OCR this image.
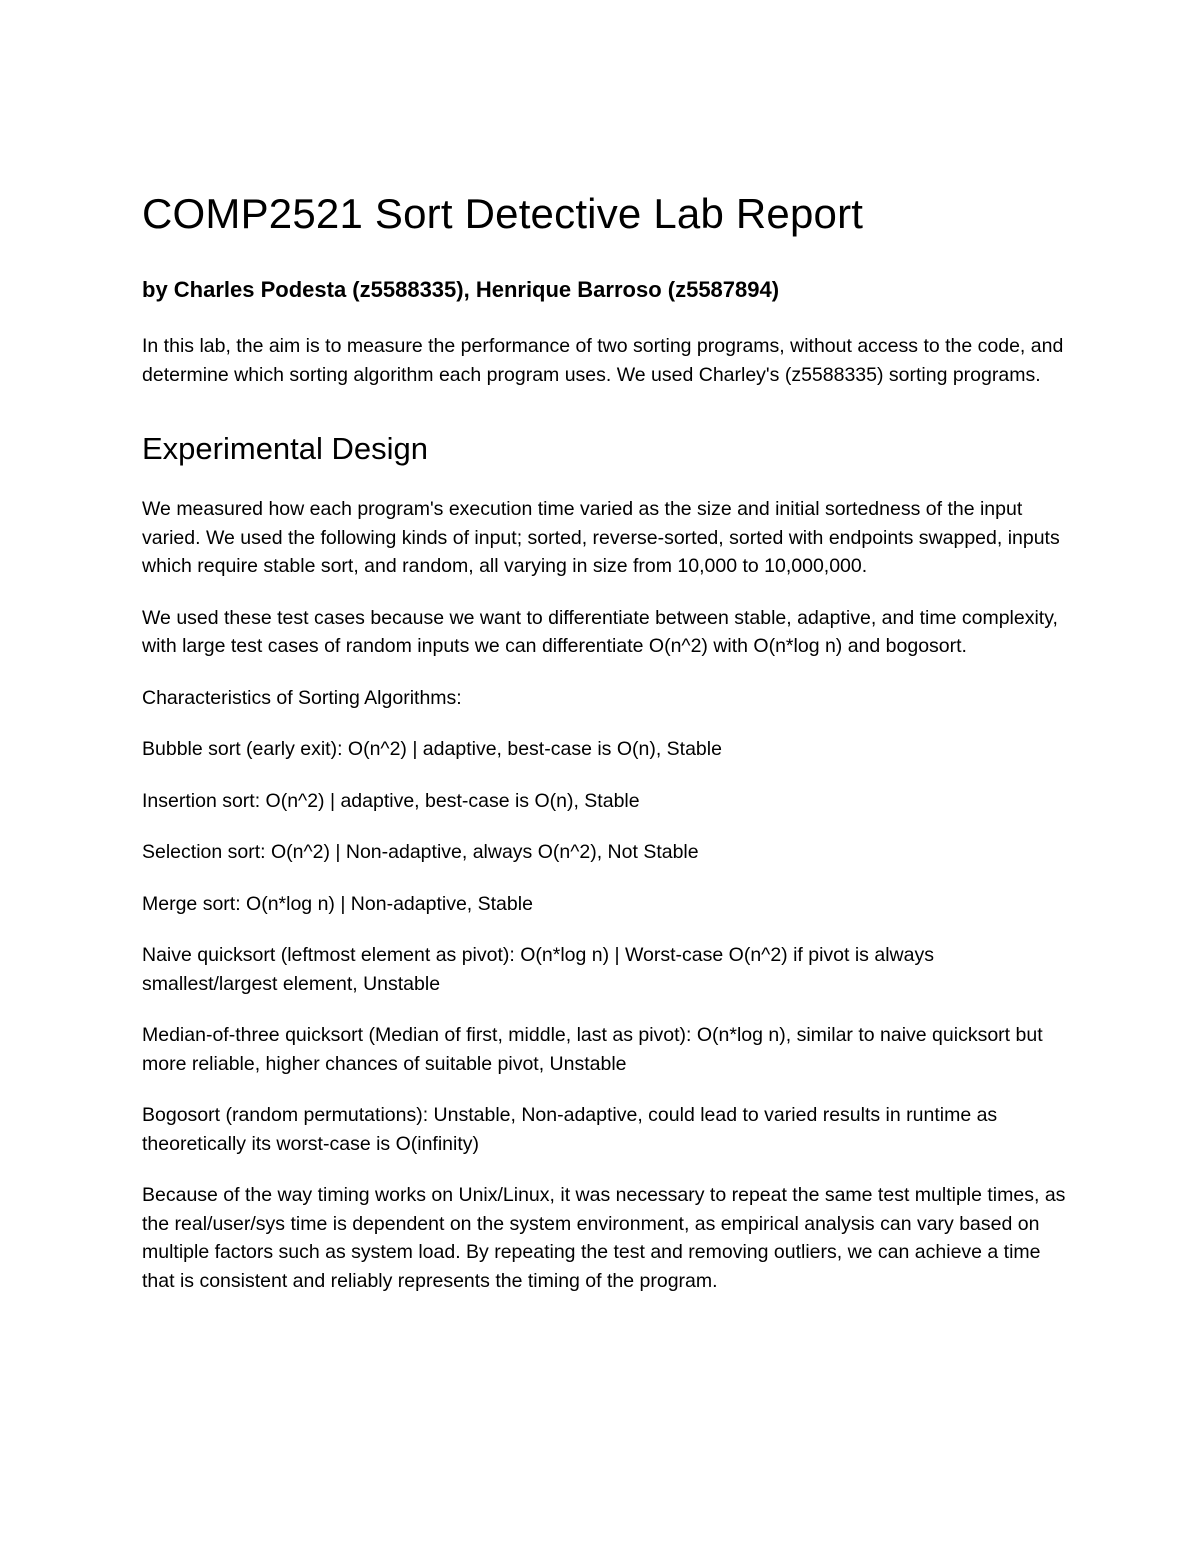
COMP2521 Sort Detective Lab Report

by Charles Podesta (z5588335), Henrique Barroso (z5587894)

In this lab, the aim is to measure the performance of two sorting programs, without access to the code, and determine which sorting algorithm each program uses. We used Charley's (z5588335) sorting programs.

Experimental Design

We measured how each program's execution time varied as the size and initial sortedness of the input varied. We used the following kinds of input; sorted, reverse-sorted, sorted with endpoints swapped, inputs which require stable sort, and random, all varying in size from 10,000 to 10,000,000.

We used these test cases because we want to differentiate between stable, adaptive, and time complexity, with large test cases of random inputs we can differentiate O(n^2) with O(n*log n) and bogosort.

Characteristics of Sorting Algorithms:

Bubble sort (early exit): O(n^2) | adaptive, best-case is O(n), Stable

Insertion sort: O(n^2) | adaptive, best-case is O(n), Stable

Selection sort: O(n^2) | Non-adaptive, always O(n^2), Not Stable

Merge sort: O(n*log n) | Non-adaptive, Stable

Naive quicksort (leftmost element as pivot): O(n*log n) | Worst-case O(n^2) if pivot is always smallest/largest element, Unstable

Median-of-three quicksort (Median of first, middle, last as pivot): O(n*log n), similar to naive quicksort but more reliable, higher chances of suitable pivot, Unstable

Bogosort (random permutations): Unstable, Non-adaptive, could lead to varied results in runtime as theoretically its worst-case is O(infinity)

Because of the way timing works on Unix/Linux, it was necessary to repeat the same test multiple times, as the real/user/sys time is dependent on the system environment, as empirical analysis can vary based on multiple factors such as system load. By repeating the test and removing outliers, we can achieve a time that is consistent and reliably represents the timing of the program.
